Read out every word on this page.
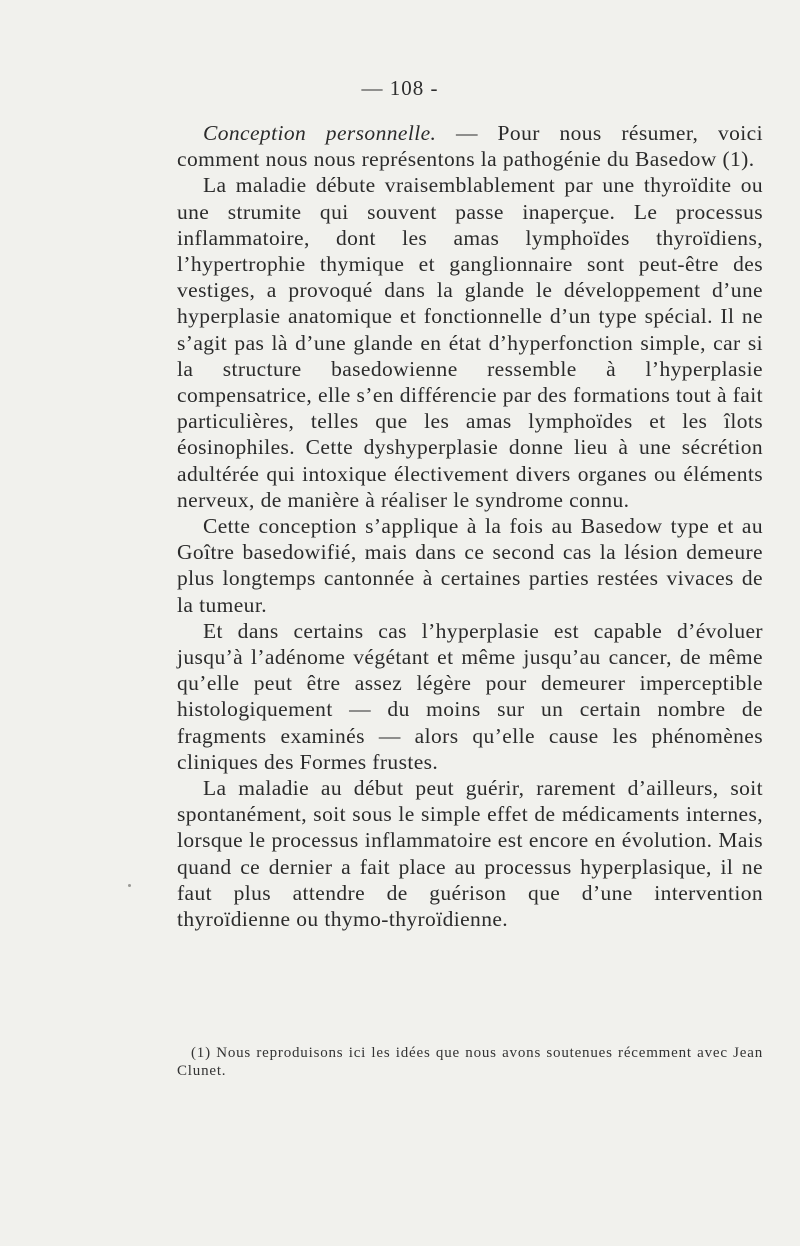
— 108 -

Conception personnelle. — Pour nous résumer, voici comment nous nous représentons la pathogénie du Basedow (1).

La maladie débute vraisemblablement par une thyroïdite ou une strumite qui souvent passe inaperçue. Le processus inflammatoire, dont les amas lymphoïdes thyroïdiens, l’hypertrophie thymique et ganglionnaire sont peut-être des vestiges, a provoqué dans la glande le développement d’une hyperplasie anatomique et fonctionnelle d’un type spécial. Il ne s’agit pas là d’une glande en état d’hyperfonction simple, car si la structure basedowienne ressemble à l’hyperplasie compensatrice, elle s’en différencie par des formations tout à fait particulières, telles que les amas lymphoïdes et les îlots éosinophiles. Cette dyshyperplasie donne lieu à une sécrétion adultérée qui intoxique électivement divers organes ou éléments nerveux, de manière à réaliser le syndrome connu.

Cette conception s’applique à la fois au Basedow type et au Goître basedowifié, mais dans ce second cas la lésion demeure plus longtemps cantonnée à certaines parties restées vivaces de la tumeur.

Et dans certains cas l’hyperplasie est capable d’évoluer jusqu’à l’adénome végétant et même jusqu’au cancer, de même qu’elle peut être assez légère pour demeurer imperceptible histologiquement — du moins sur un certain nombre de fragments examinés — alors qu’elle cause les phénomènes cliniques des Formes frustes.

La maladie au début peut guérir, rarement d’ailleurs, soit spontanément, soit sous le simple effet de médicaments internes, lorsque le processus inflammatoire est encore en évolution. Mais quand ce dernier a fait place au processus hyperplasique, il ne faut plus attendre de guérison que d’une intervention thyroïdienne ou thymo-thyroïdienne.

(1) Nous reproduisons ici les idées que nous avons soutenues récemment avec Jean Clunet.
